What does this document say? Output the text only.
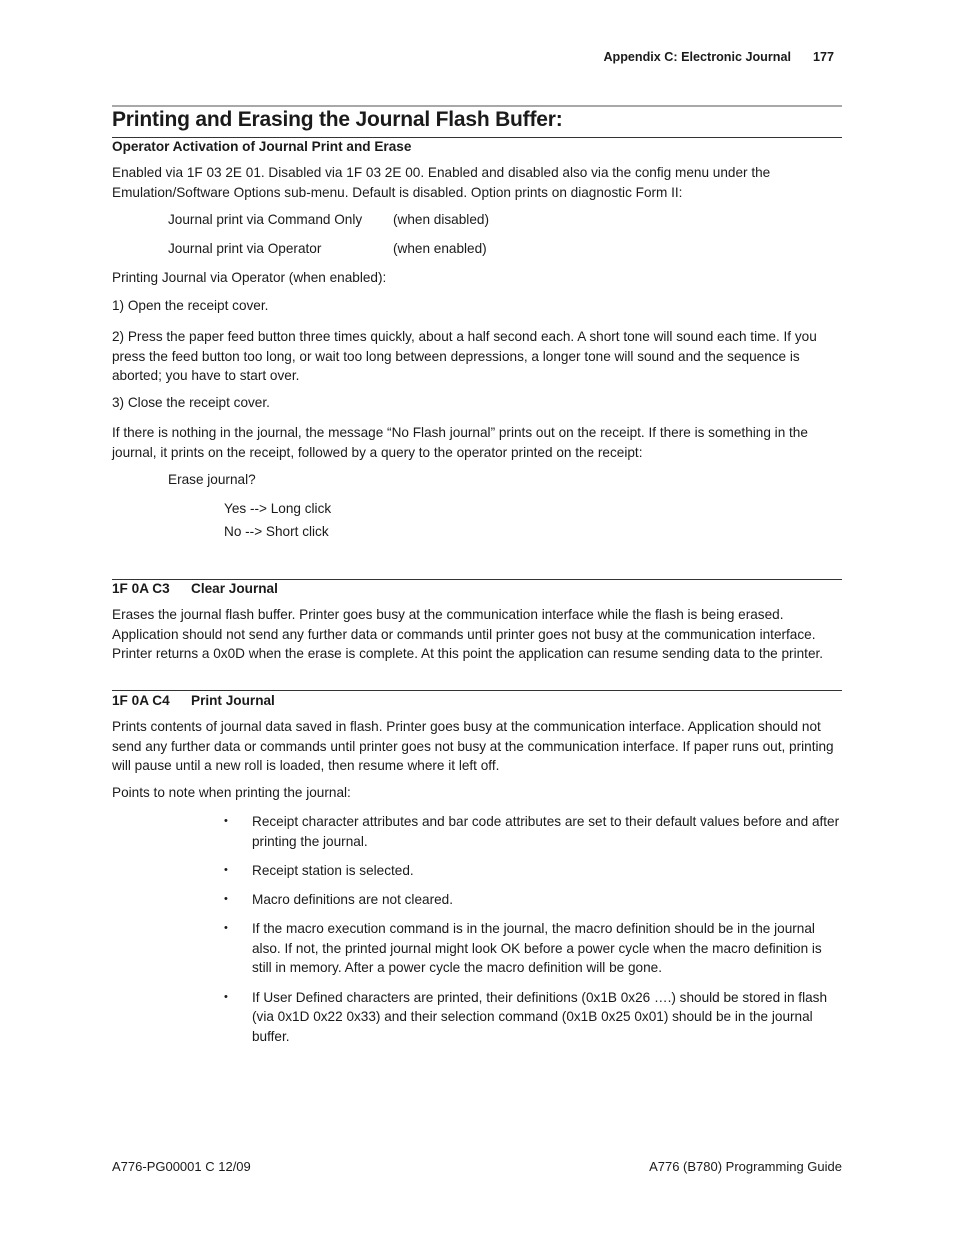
Appendix C: Electronic Journal 177
Printing and Erasing the Journal Flash Buffer:
Operator Activation of Journal Print and Erase

Enabled via 1F 03 2E 01. Disabled via 1F 03 2E 00. Enabled and disabled also via the config menu under the Emulation/Software Options sub-menu. Default is disabled. Option prints on diagnostic Form II:

Journal print via Command Only (when disabled)
Journal print via Operator	(when enabled)
Printing Journal via Operator (when enabled):
1) Open the receipt cover.

2) Press the paper feed button three times quickly, about a half second each. A short tone will sound each time. If you press the feed button too long, or wait too long between depressions, a longer tone will sound and the sequence is aborted; you have to start over.

3) Close the receipt cover.

If there is nothing in the journal, the message “No Flash journal” prints out on the receipt. If there is something in the journal, it prints on the receipt, followed by a query to the operator printed on the receipt:

Erase journal?
Yes --> Long click
No --> Short click
1F 0A C3 Clear Journal

Erases the journal flash buffer. Printer goes busy at the communication interface while the flash is being erased. Application should not send any further data or commands until printer goes not busy at the communication interface. Printer returns a 0x0D when the erase is complete. At this point the application can resume sending data to the printer.

1F 0A C4 Print Journal

Prints contents of journal data saved in flash. Printer goes busy at the communication interface. Application should not send any further data or commands until printer goes not busy at the communication interface. If paper runs out, printing will pause until a new roll is loaded, then resume where it left off.

Points to note when printing the journal:
• Receipt character attributes and bar code attributes are set to their default values before and after printing the journal.
• Receipt station is selected.
• Macro definitions are not cleared.
• If the macro execution command is in the journal, the macro definition should be in the journal also. If not, the printed journal might look OK before a power cycle when the macro definition is still in memory. After a power cycle the macro definition will be gone.
• If User Defined characters are printed, their definitions (0x1B 0x26 ….) should be stored in flash (via 0x1D 0x22 0x33) and their selection command (0x1B 0x25 0x01) should be in the journal buffer.
A776-PG00001 C 12/09	A776 (B780) Programming Guide
